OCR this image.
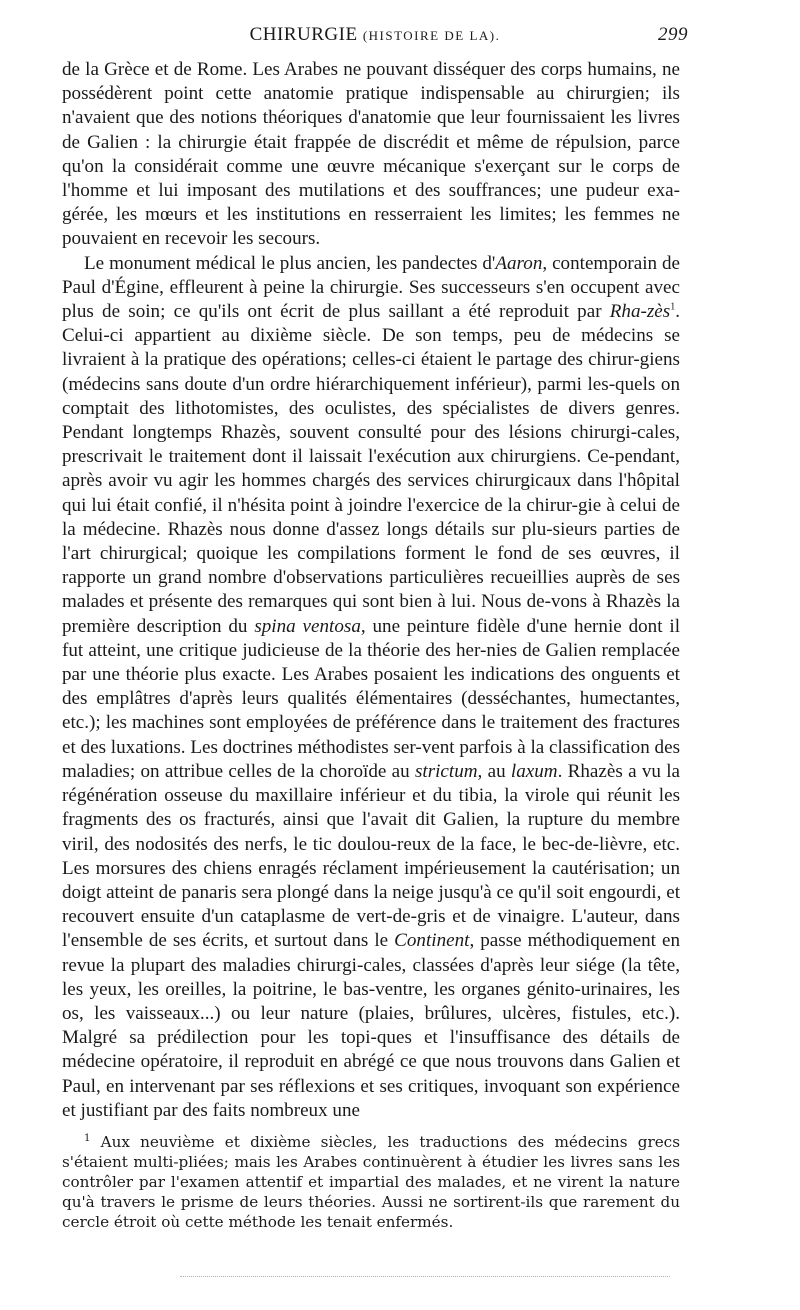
CHIRURGIE (HISTOIRE DE LA).	299

de la Grèce et de Rome. Les Arabes ne pouvant disséquer des corps humains, ne possédèrent point cette anatomie pratique indispensable au chirurgien; ils n'avaient que des notions théoriques d'anatomie que leur fournissaient les livres de Galien : la chirurgie était frappée de discrédit et même de répulsion, parce qu'on la considérait comme une œuvre mécanique s'exerçant sur le corps de l'homme et lui imposant des mutilations et des souffrances; une pudeur exa-gérée, les mœurs et les institutions en resserraient les limites; les femmes ne pouvaient en recevoir les secours.

Le monument médical le plus ancien, les pandectes d'Aaron, contemporain de Paul d'Égine, effleurent à peine la chirurgie. Ses successeurs s'en occupent avec plus de soin; ce qu'ils ont écrit de plus saillant a été reproduit par Rha-zès$^1$. Celui-ci appartient au dixième siècle. De son temps, peu de médecins se livraient à la pratique des opérations; celles-ci étaient le partage des chirur-giens (médecins sans doute d'un ordre hiérarchiquement inférieur), parmi les-quels on comptait des lithotomistes, des oculistes, des spécialistes de divers genres. Pendant longtemps Rhazès, souvent consulté pour des lésions chirurgi-cales, prescrivait le traitement dont il laissait l'exécution aux chirurgiens. Ce-pendant, après avoir vu agir les hommes chargés des services chirurgicaux dans l'hôpital qui lui était confié, il n'hésita point à joindre l'exercice de la chirur-gie à celui de la médecine. Rhazès nous donne d'assez longs détails sur plu-sieurs parties de l'art chirurgical; quoique les compilations forment le fond de ses œuvres, il rapporte un grand nombre d'observations particulières recueillies auprès de ses malades et présente des remarques qui sont bien à lui. Nous de-vons à Rhazès la première description du spina ventosa, une peinture fidèle d'une hernie dont il fut atteint, une critique judicieuse de la théorie des her-nies de Galien remplacée par une théorie plus exacte. Les Arabes posaient les indications des onguents et des emplâtres d'après leurs qualités élémentaires (desséchantes, humectantes, etc.); les machines sont employées de préférence dans le traitement des fractures et des luxations. Les doctrines méthodistes ser-vent parfois à la classification des maladies; on attribue celles de la choroïde au strictum, au laxum. Rhazès a vu la régénération osseuse du maxillaire inférieur et du tibia, la virole qui réunit les fragments des os fracturés, ainsi que l'avait dit Galien, la rupture du membre viril, des nodosités des nerfs, le tic doulou-reux de la face, le bec-de-lièvre, etc. Les morsures des chiens enragés réclament impérieusement la cautérisation; un doigt atteint de panaris sera plongé dans la neige jusqu'à ce qu'il soit engourdi, et recouvert ensuite d'un cataplasme de vert-de-gris et de vinaigre. L'auteur, dans l'ensemble de ses écrits, et surtout dans le Continent, passe méthodiquement en revue la plupart des maladies chirurgi-cales, classées d'après leur siége (la tête, les yeux, les oreilles, la poitrine, le bas-ventre, les organes génito-urinaires, les os, les vaisseaux...) ou leur nature (plaies, brûlures, ulcères, fistules, etc.). Malgré sa prédilection pour les topi-ques et l'insuffisance des détails de médecine opératoire, il reproduit en abrégé ce que nous trouvons dans Galien et Paul, en intervenant par ses réflexions et ses critiques, invoquant son expérience et justifiant par des faits nombreux une

$^1$ Aux neuvième et dixième siècles, les traductions des médecins grecs s'étaient multi-pliées; mais les Arabes continuèrent à étudier les livres sans les contrôler par l'examen attentif et impartial des malades, et ne virent la nature qu'à travers le prisme de leurs théories. Aussi ne sortirent-ils que rarement du cercle étroit où cette méthode les tenait enfermés.
